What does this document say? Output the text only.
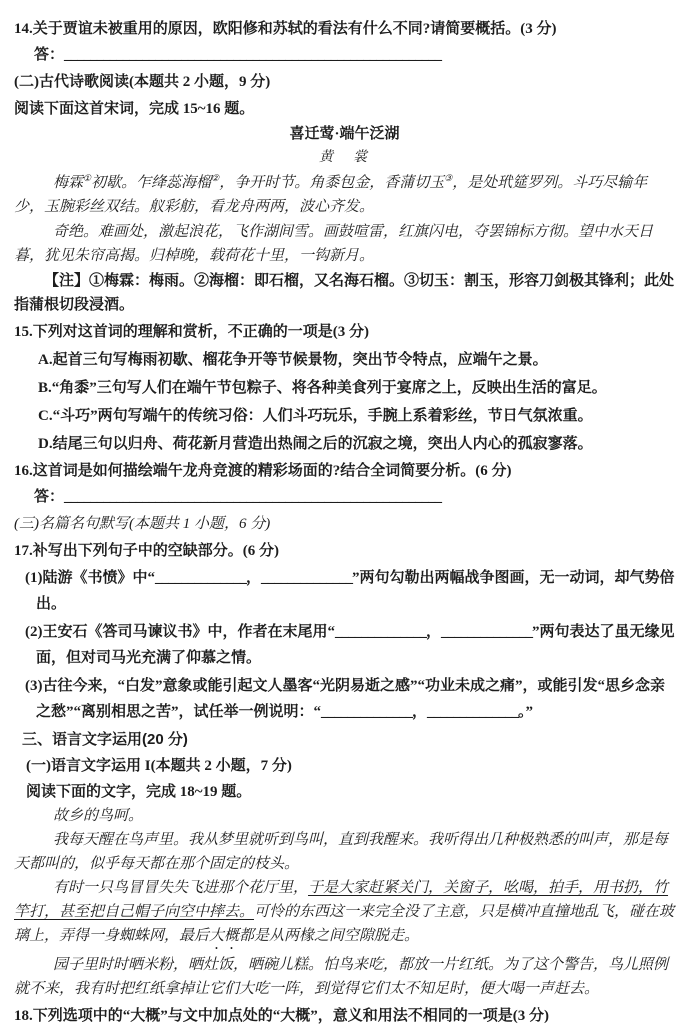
14.关于贾谊未被重用的原因，欧阳修和苏轼的看法有什么不同?请简要概括。(3 分)

答：__________________________________________________________

(二)古代诗歌阅读(本题共 2 小题，9 分)

阅读下面这首宋词，完成 15~16 题。

喜迁莺·端午泛湖

黄　裳

梅霖①初歇。乍绛蕊海榴②，争开时节。角黍包金，香蒲切玉③，是处玳筵罗列。斗巧尽输年少，玉腕彩丝双结。舣彩舫，看龙舟两两，波心齐发。

奇绝。难画处，激起浪花，飞作湖间雪。画鼓喧雷，红旗闪电，夺罢锦标方彻。望中水天日暮，犹见朱帘高揭。归棹晚，载荷花十里，一钩新月。

【注】①梅霖：梅雨。②海榴：即石榴，又名海石榴。③切玉：割玉，形容刀剑极其锋利；此处指蒲根切段浸酒。

15.下列对这首词的理解和赏析，不正确的一项是(3 分)

A.起首三句写梅雨初歇、榴花争开等节候景物，突出节令特点，应端午之景。

B.“角黍”三句写人们在端午节包粽子、将各种美食列于宴席之上，反映出生活的富足。

C.“斗巧”两句写端午的传统习俗：人们斗巧玩乐，手腕上系着彩丝，节日气氛浓重。

D.结尾三句以归舟、荷花新月营造出热闹之后的沉寂之境，突出人内心的孤寂寥落。

16.这首词是如何描绘端午龙舟竞渡的精彩场面的?结合全词简要分析。(6 分)

答：__________________________________________________________

(三)名篇名句默写(本题共 1 小题，6 分)

17.补写出下列句子中的空缺部分。(6 分)

(1)陆游《书愤》中“______________，______________”两句勾勒出两幅战争图画，无一动词，却气势倍出。

(2)王安石《答司马谏议书》中，作者在末尾用“______________，______________”两句表达了虽无缘见面，但对司马光充满了仰慕之情。

(3)古往今来，“白发”意象或能引起文人墨客“光阴易逝之感”“功业未成之痛”，或能引发“思乡念亲之愁”“离别相思之苦”，试任举一例说明：“______________，______________。”

三、语言文字运用(20 分)

(一)语言文字运用 I(本题共 2 小题，7 分)

阅读下面的文字，完成 18~19 题。

故乡的鸟呵。

我每天醒在鸟声里。我从梦里就听到鸟叫，直到我醒来。我听得出几种极熟悉的叫声，那是每天都叫的，似乎每天都在那个固定的枝头。

有时一只鸟冒冒失失飞进那个花厅里，于是大家赶紧关门，关窗子，吆喝，拍手，用书扔，竹竿打，甚至把自己帽子向空中摔去。可怜的东西这一来完全没了主意，只是横冲直撞地乱飞，碰在玻璃上，弄得一身蜘蛛网，最后大概都是从两椽之间空隙脱走。

园子里时时晒米粉，晒灶饭，晒碗儿糕。怕鸟来吃，都放一片红纸。为了这个警告，鸟儿照例就不来，我有时把红纸拿掉让它们大吃一阵，到觉得它们太不知足时，便大喝一声赶去。

18.下列选项中的“大概”与文中加点处的“大概”，意义和用法不相同的一项是(3 分)
